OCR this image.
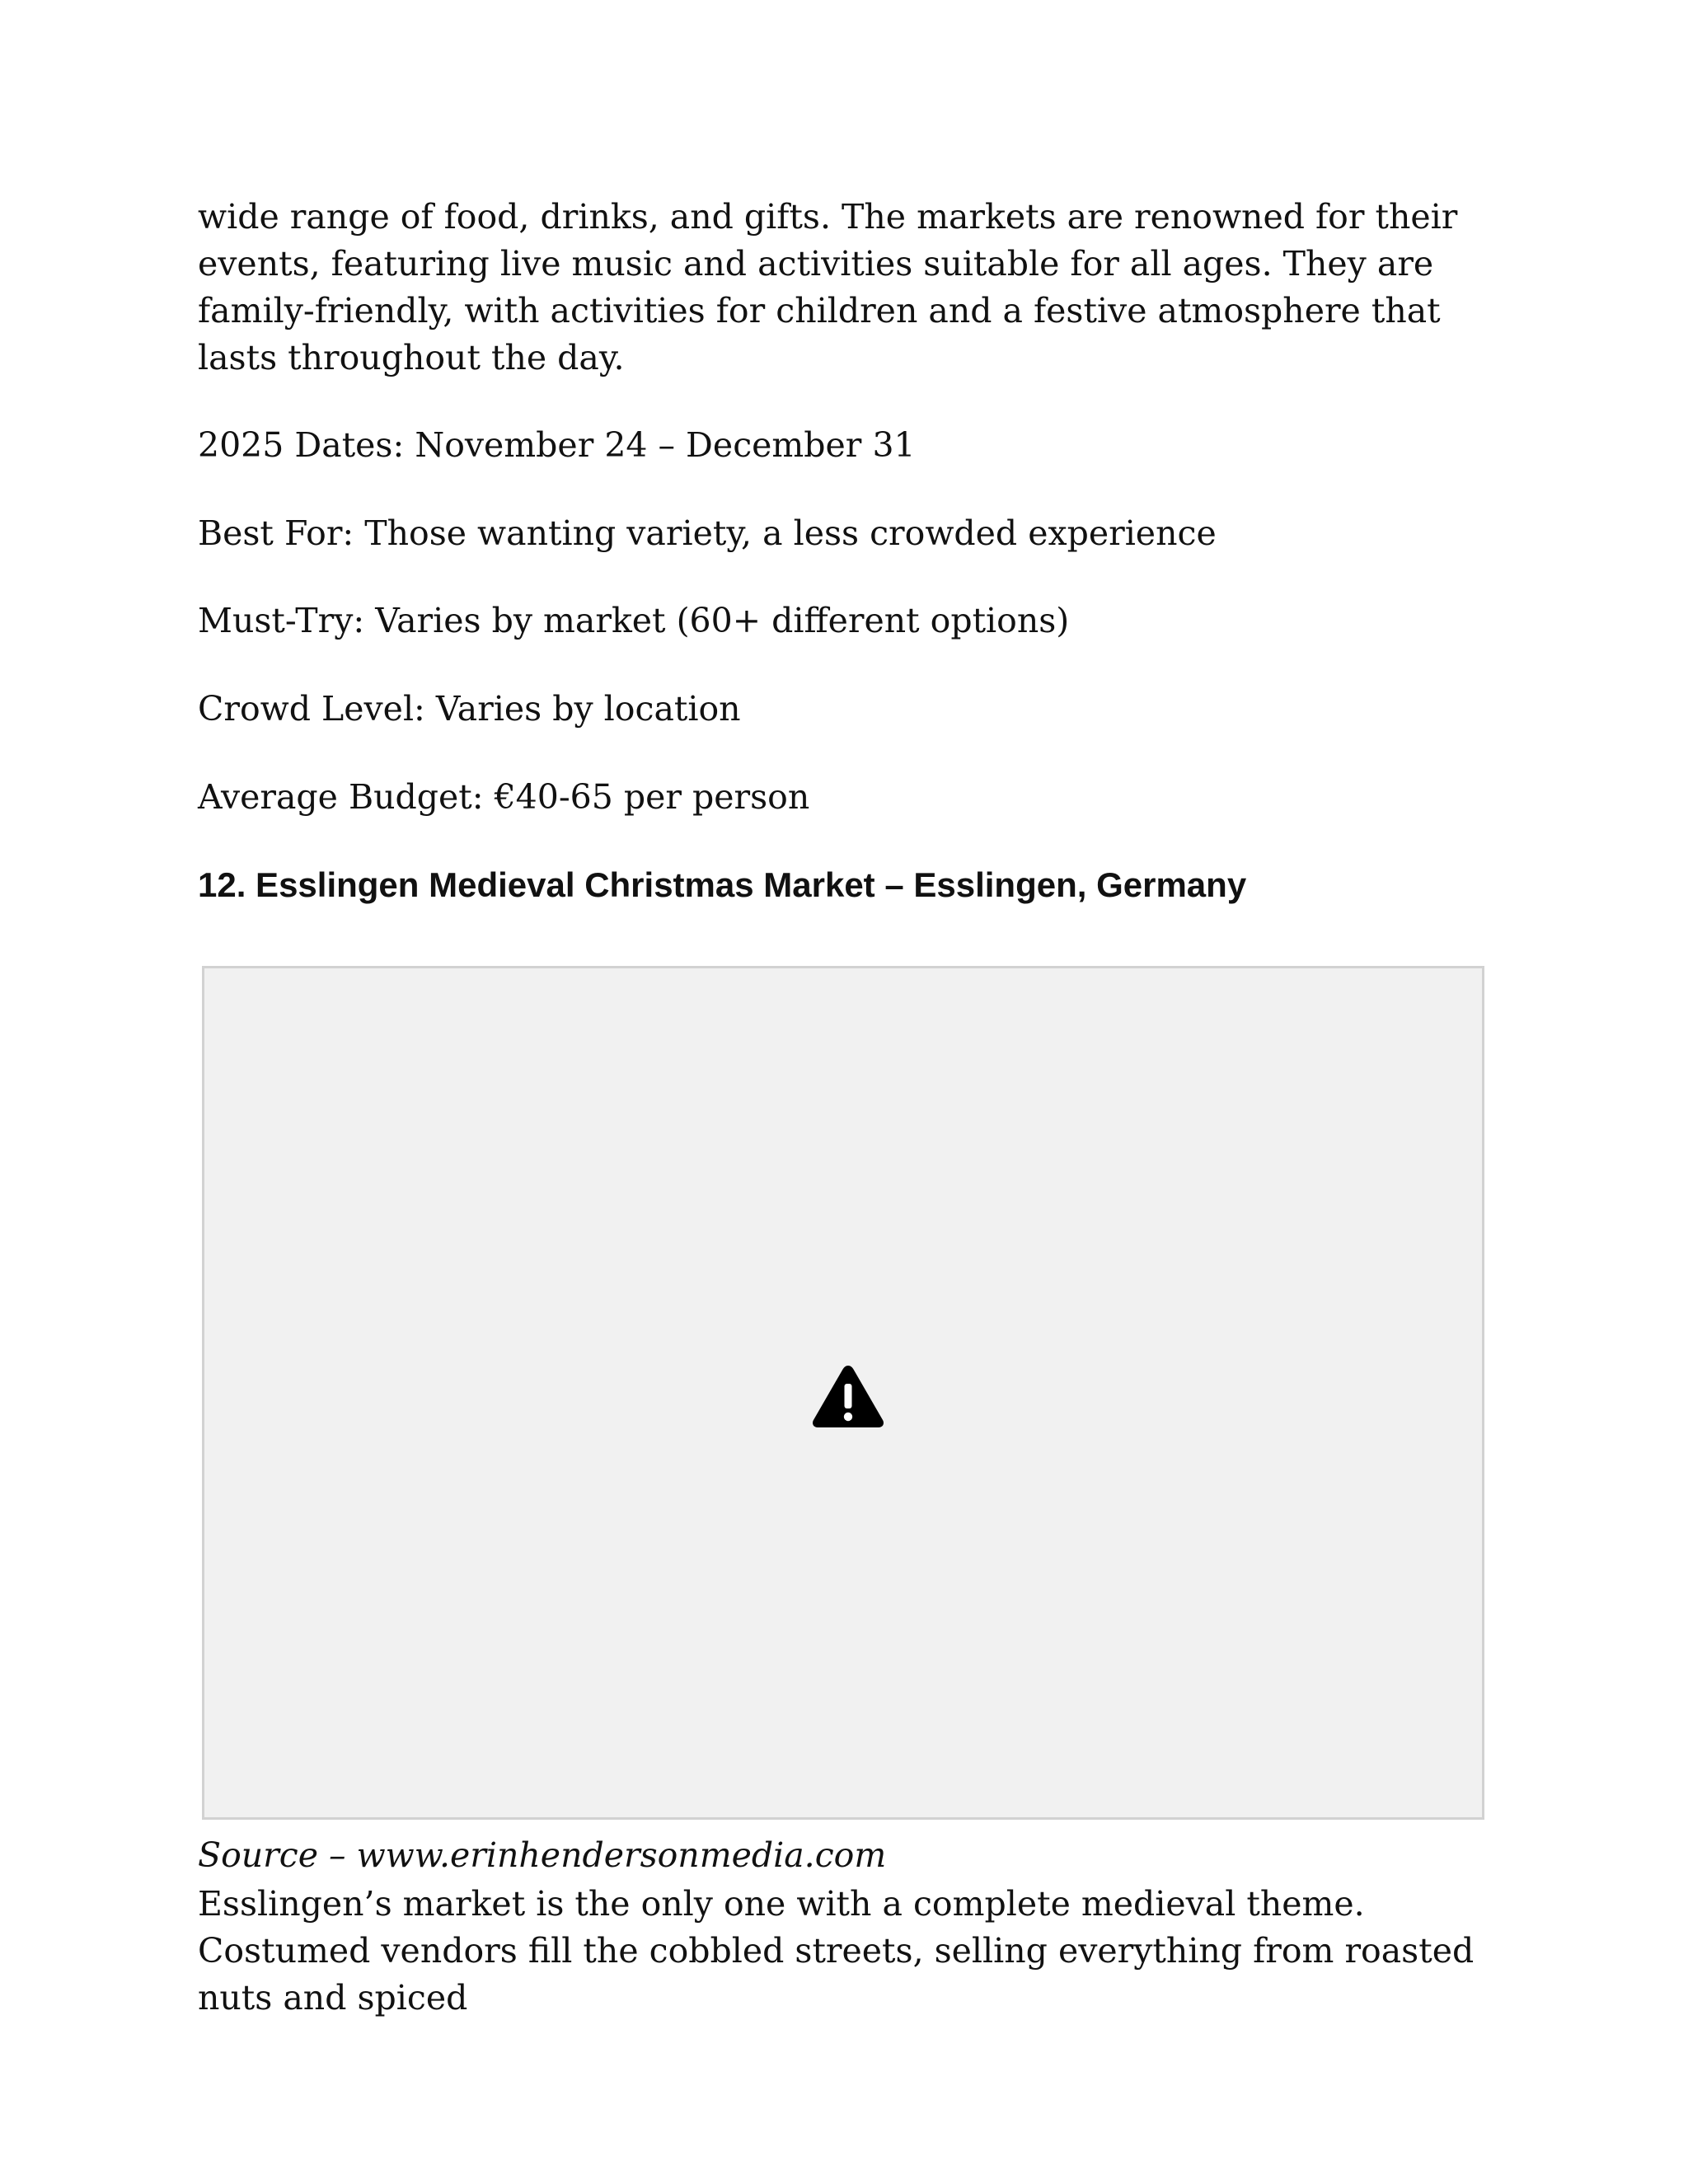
wide range of food, drinks, and gifts. The markets are renowned for their events, featuring live music and activities suitable for all ages. They are family-friendly, with activities for children and a festive atmosphere that lasts throughout the day.

2025 Dates: November 24 – December 31

Best For: Those wanting variety, a less crowded experience

Must-Try: Varies by market (60+ different options)

Crowd Level: Varies by location

Average Budget: €40-65 per person

12. Esslingen Medieval Christmas Market – Esslingen, Germany

Source – www.erinhendersonmedia.com

Esslingen’s market is the only one with a complete medieval theme. Costumed vendors fill the cobbled streets, selling everything from roasted nuts and spiced
